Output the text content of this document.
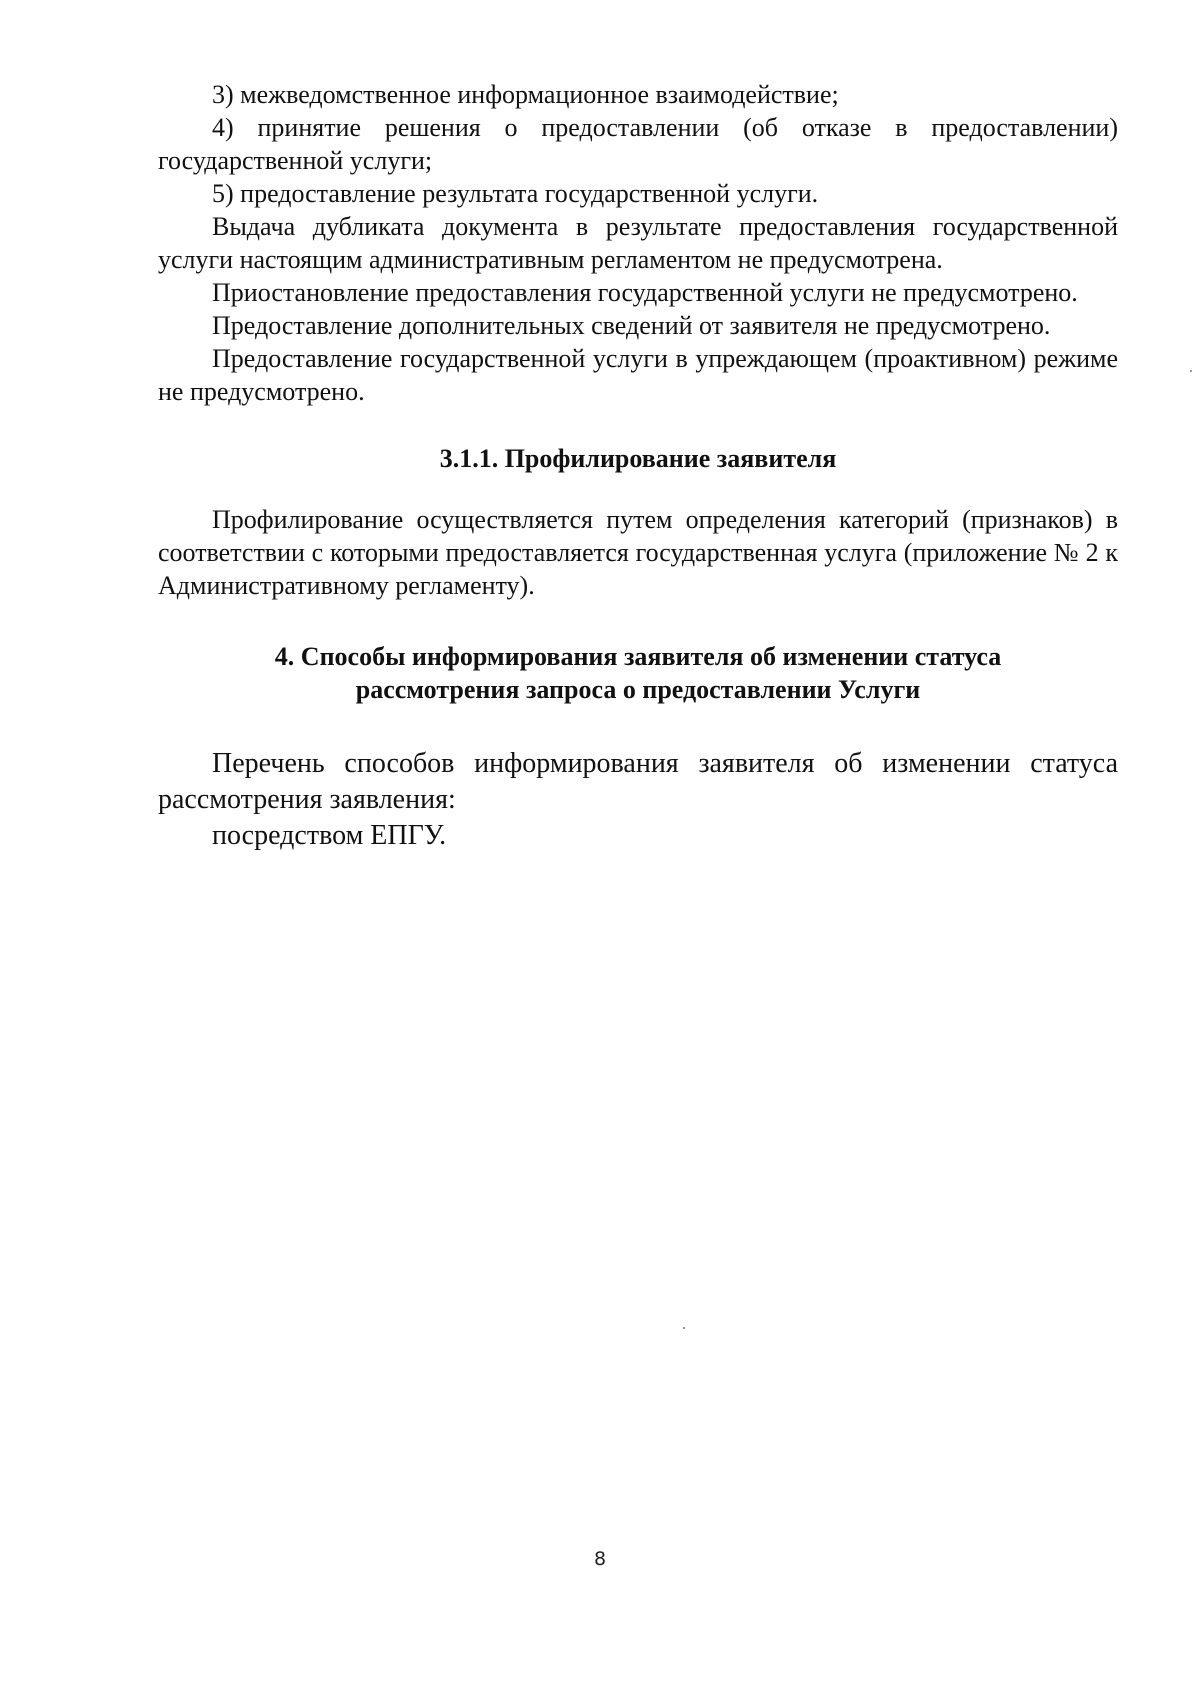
3) межведомственное информационное взаимодействие;

4) принятие решения о предоставлении (об отказе в предоставлении) государственной услуги;

5) предоставление результата государственной услуги.

Выдача дубликата документа в результате предоставления государственной услуги настоящим административным регламентом не предусмотрена.

Приостановление предоставления государственной услуги не предусмотрено.

Предоставление дополнительных сведений от заявителя не предусмотрено.

Предоставление государственной услуги в упреждающем (проактивном) режиме не предусмотрено.

3.1.1. Профилирование заявителя

Профилирование осуществляется путем определения категорий (признаков) в соответствии с которыми предоставляется государственная услуга (приложение № 2 к Административному регламенту).

4. Способы информирования заявителя об изменении статуса
рассмотрения запроса о предоставлении Услуги

Перечень способов информирования заявителя об изменении статуса рассмотрения заявления:

посредством ЕПГУ.

8
